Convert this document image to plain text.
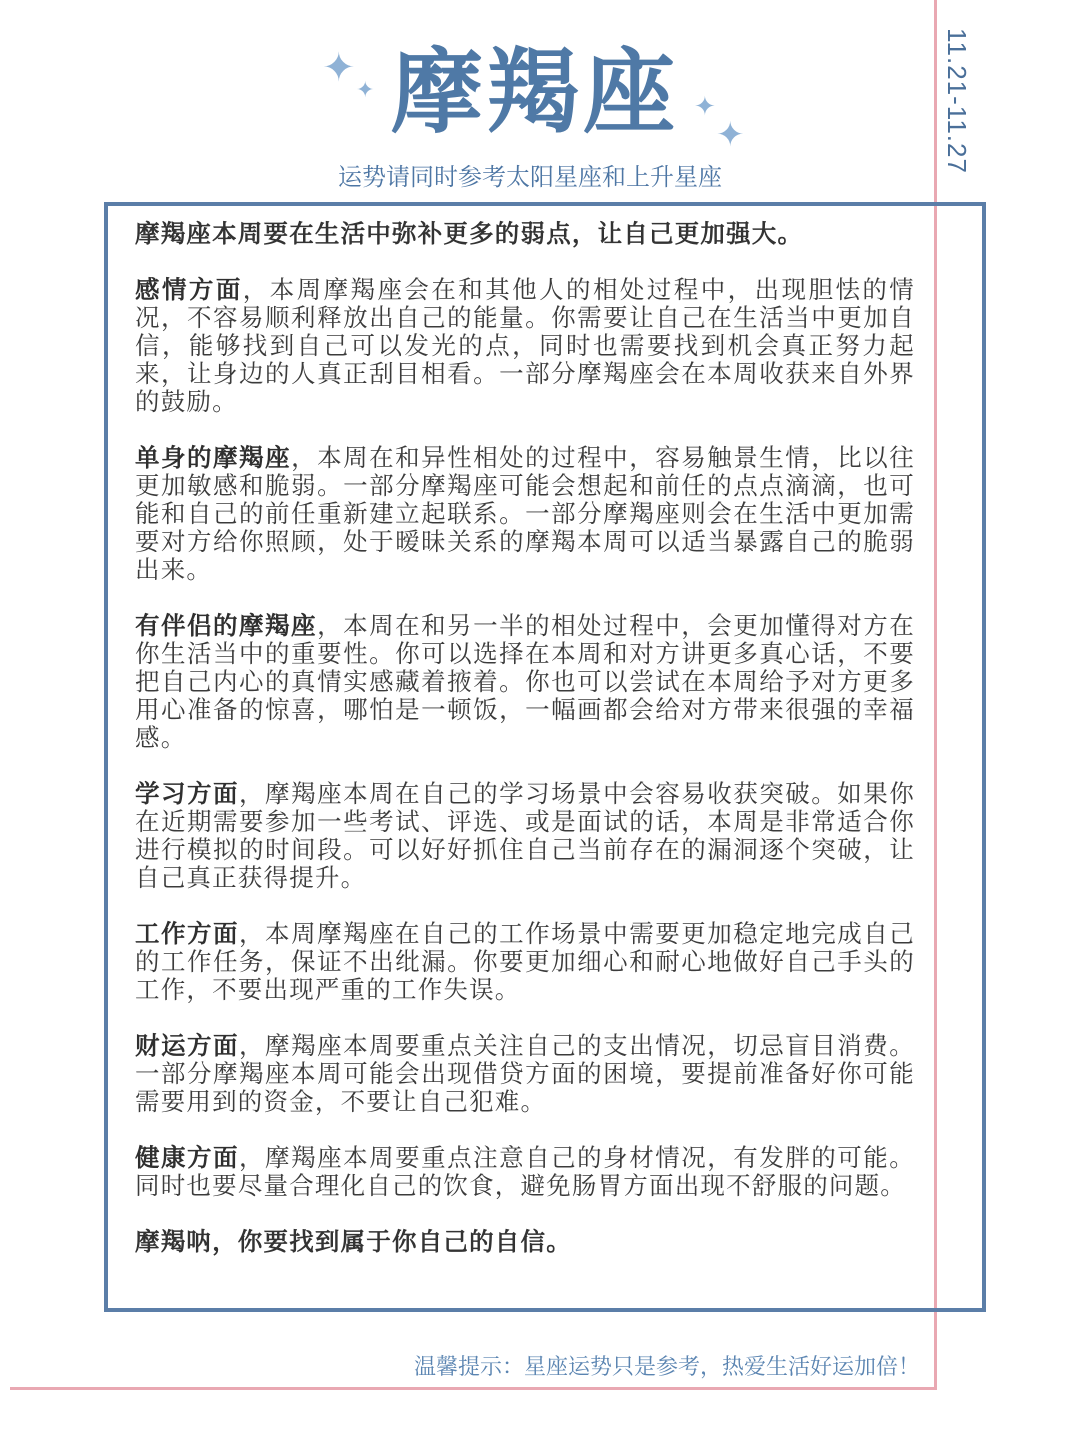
11.21-11.27
✦ ✦
✦
✦
摩羯座
运势请同时参考太阳星座和上升星座

摩羯座本周要在生活中弥补更多的弱点，让自己更加强大。

感情方面，本周摩羯座会在和其他人的相处过程中，出现胆怯的情况，不容易顺利释放出自己的能量。你需要让自己在生活当中更加自信，能够找到自己可以发光的点，同时也需要找到机会真正努力起来，让身边的人真正刮目相看。一部分摩羯座会在本周收获来自外界的鼓励。

单身的摩羯座，本周在和异性相处的过程中，容易触景生情，比以往更加敏感和脆弱。一部分摩羯座可能会想起和前任的点点滴滴，也可能和自己的前任重新建立起联系。一部分摩羯座则会在生活中更加需要对方给你照顾，处于暧昧关系的摩羯本周可以适当暴露自己的脆弱出来。

有伴侣的摩羯座，本周在和另一半的相处过程中，会更加懂得对方在你生活当中的重要性。你可以选择在本周和对方讲更多真心话，不要把自己内心的真情实感藏着掖着。你也可以尝试在本周给予对方更多用心准备的惊喜，哪怕是一顿饭，一幅画都会给对方带来很强的幸福感。

学习方面，摩羯座本周在自己的学习场景中会容易收获突破。如果你在近期需要参加一些考试、评选、或是面试的话，本周是非常适合你进行模拟的时间段。可以好好抓住自己当前存在的漏洞逐个突破，让自己真正获得提升。

工作方面，本周摩羯座在自己的工作场景中需要更加稳定地完成自己的工作任务，保证不出纰漏。你要更加细心和耐心地做好自己手头的工作，不要出现严重的工作失误。

财运方面，摩羯座本周要重点关注自己的支出情况，切忌盲目消费。一部分摩羯座本周可能会出现借贷方面的困境，要提前准备好你可能需要用到的资金，不要让自己犯难。

健康方面，摩羯座本周要重点注意自己的身材情况，有发胖的可能。同时也要尽量合理化自己的饮食，避免肠胃方面出现不舒服的问题。

摩羯呐，你要找到属于你自己的自信。

温馨提示：星座运势只是参考，热爱生活好运加倍！
